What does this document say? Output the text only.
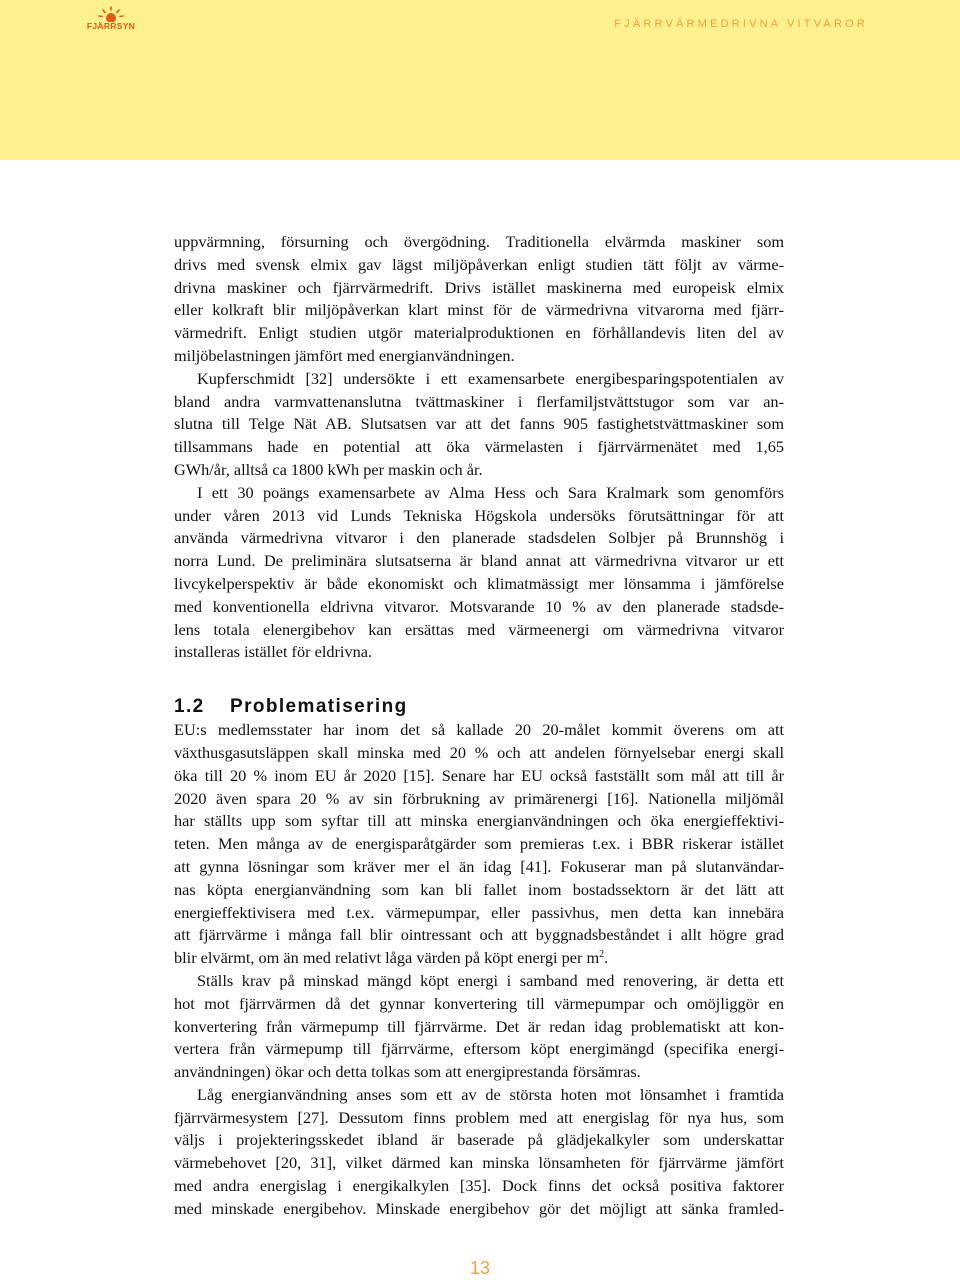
FJÄRRSYN	FJÄRRVÄRMEDRIVNA VITVAROR

uppvärmning, försurning och övergödning. Traditionella elvärmda maskiner som
drivs med svensk elmix gav lägst miljöpåverkan enligt studien tätt följt av värme-
drivna maskiner och fjärrvärmedrift. Drivs istället maskinerna med europeisk elmix
eller kolkraft blir miljöpåverkan klart minst för de värmedrivna vitvarorna med fjärr-
värmedrift. Enligt studien utgör materialproduktionen en förhållandevis liten del av
miljöbelastningen jämfört med energianvändningen.

Kupferschmidt [32] undersökte i ett examensarbete energibesparingspotentialen av
bland andra varmvattenanslutna tvättmaskiner i flerfamiljstvättstugor som var an-
slutna till Telge Nät AB. Slutsatsen var att det fanns 905 fastighetstvättmaskiner som
tillsammans hade en potential att öka värmelasten i fjärrvärmenätet med 1,65
GWh/år, alltså ca 1800 kWh per maskin och år.

I ett 30 poängs examensarbete av Alma Hess och Sara Kralmark som genomförs
under våren 2013 vid Lunds Tekniska Högskola undersöks förutsättningar för att
använda värmedrivna vitvaror i den planerade stadsdelen Solbjer på Brunnshög i
norra Lund. De preliminära slutsatserna är bland annat att värmedrivna vitvaror ur ett
livcykelperspektiv är både ekonomiskt och klimatmässigt mer lönsamma i jämförelse
med konventionella eldrivna vitvaror. Motsvarande 10 % av den planerade stadsde-
lens totala elenergibehov kan ersättas med värmeenergi om värmedrivna vitvaror
installeras istället för eldrivna.

1.2	Problematisering

EU:s medlemsstater har inom det så kallade 20 20-målet kommit överens om att
växthusgasutsläppen skall minska med 20 % och att andelen förnyelsebar energi skall
öka till 20 % inom EU år 2020 [15]. Senare har EU också fastställt som mål att till år
2020 även spara 20 % av sin förbrukning av primärenergi [16]. Nationella miljömål
har ställts upp som syftar till att minska energianvändningen och öka energieffektivi-
teten. Men många av de energisparåtgärder som premieras t.ex. i BBR riskerar istället
att gynna lösningar som kräver mer el än idag [41]. Fokuserar man på slutanvändar-
nas köpta energianvändning som kan bli fallet inom bostadssektorn är det lätt att
energieffektivisera med t.ex. värmepumpar, eller passivhus, men detta kan innebära
att fjärrvärme i många fall blir ointressant och att byggnadsbeståndet i allt högre grad
blir elvärmt, om än med relativt låga värden på köpt energi per $m^2$.

Ställs krav på minskad mängd köpt energi i samband med renovering, är detta ett
hot mot fjärrvärmen då det gynnar konvertering till värmepumpar och omöjliggör en
konvertering från värmepump till fjärrvärme. Det är redan idag problematiskt att kon-
vertera från värmepump till fjärrvärme, eftersom köpt energimängd (specifika energi-
användningen) ökar och detta tolkas som att energiprestanda försämras.

Låg energianvändning anses som ett av de största hoten mot lönsamhet i framtida
fjärrvärmesystem [27]. Dessutom finns problem med att energislag för nya hus, som
väljs i projekteringsskedet ibland är baserade på glädjekalkyler som underskattar
värmebehovet [20, 31], vilket därmed kan minska lönsamheten för fjärrvärme jämfört
med andra energislag i energikalkylen [35]. Dock finns det också positiva faktorer
med minskade energibehov. Minskade energibehov gör det möjligt att sänka framled-

13
